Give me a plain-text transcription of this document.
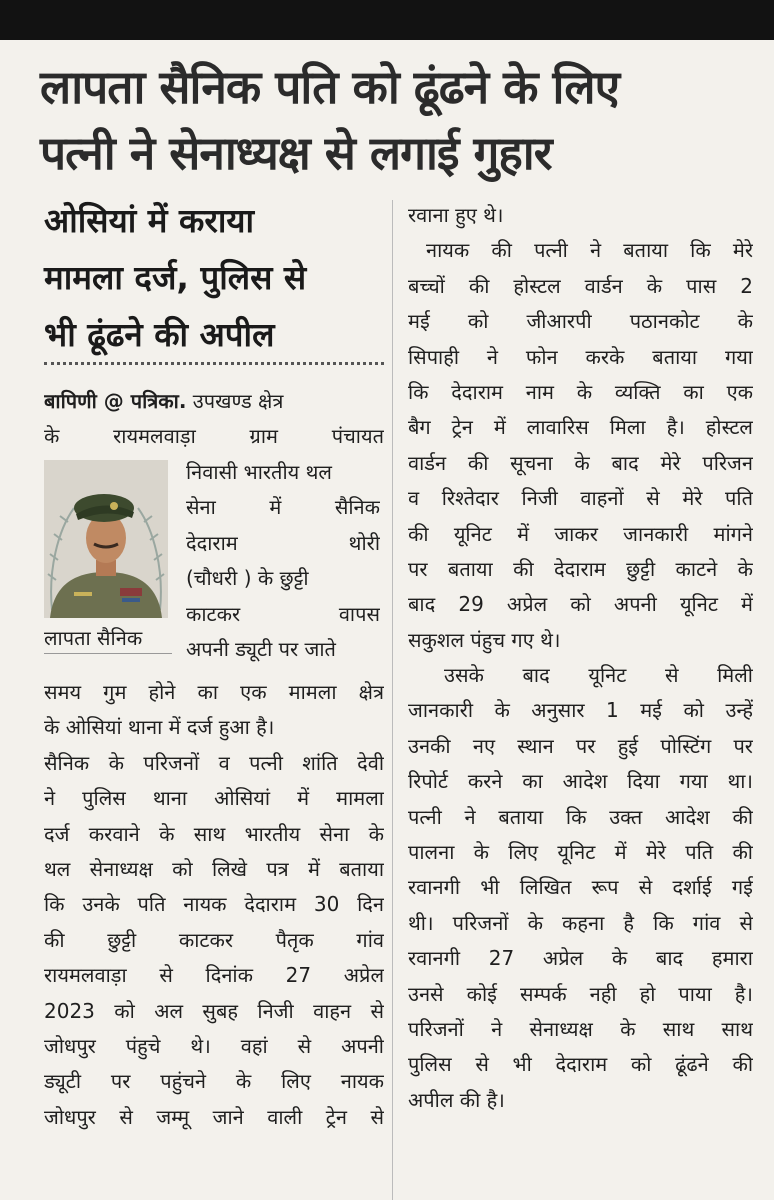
लापता सैनिक पति को ढूंढने के लिए
पत्नी ने सेनाध्यक्ष से लगाई गुहार
ओसियां में कराया
मामला दर्ज, पुलिस से
भी ढूंढने की अपील
बापिणी @ पत्रिका. उपखण्ड क्षेत्र
के रायमलवाड़ा ग्राम पंचायत
लापता सैनिक
निवासी भारतीय थल
सेना में सैनिक
देदाराम थोरी
(चौधरी ) के छुट्टी
काटकर वापस
अपनी ड्यूटी पर जाते
समय गुम होने का एक मामला क्षेत्र
के ओसियां थाना में दर्ज हुआ है।
सैनिक के परिजनों व पत्नी शांति देवी
ने पुलिस थाना ओसियां में मामला
दर्ज करवाने के साथ भारतीय सेना के
थल सेनाध्यक्ष को लिखे पत्र में बताया
कि उनके पति नायक देदाराम 30 दिन
की छुट्टी काटकर पैतृक गांव
रायमलवाड़ा से दिनांक 27 अप्रेल
2023 को अल सुबह निजी वाहन से
जोधपुर पंहुचे थे। वहां से अपनी
ड्यूटी पर पहुंचने के लिए नायक
जोधपुर से जम्मू जाने वाली ट्रेन से
रवाना हुए थे।
नायक की पत्नी ने बताया कि मेरे
बच्चों की होस्टल वार्डन के पास 2
मई को जीआरपी पठानकोट के
सिपाही ने फोन करके बताया गया
कि देदाराम नाम के व्यक्ति का एक
बैग ट्रेन में लावारिस मिला है। होस्टल
वार्डन की सूचना के बाद मेरे परिजन
व रिश्तेदार निजी वाहनों से मेरे पति
की यूनिट में जाकर जानकारी मांगने
पर बताया की देदाराम छुट्टी काटने के
बाद 29 अप्रेल को अपनी यूनिट में
सकुशल पंहुच गए थे।
उसके बाद यूनिट से मिली
जानकारी के अनुसार 1 मई को उन्हें
उनकी नए स्थान पर हुई पोस्टिंग पर
रिपोर्ट करने का आदेश दिया गया था।
पत्नी ने बताया कि उक्त आदेश की
पालना के लिए यूनिट में मेरे पति की
रवानगी भी लिखित रूप से दर्शाई गई
थी। परिजनों के कहना है कि गांव से
रवानगी 27 अप्रेल के बाद हमारा
उनसे कोई सम्पर्क नही हो पाया है।
परिजनों ने सेनाध्यक्ष के साथ साथ
पुलिस से भी देदाराम को ढूंढने की
अपील की है।
